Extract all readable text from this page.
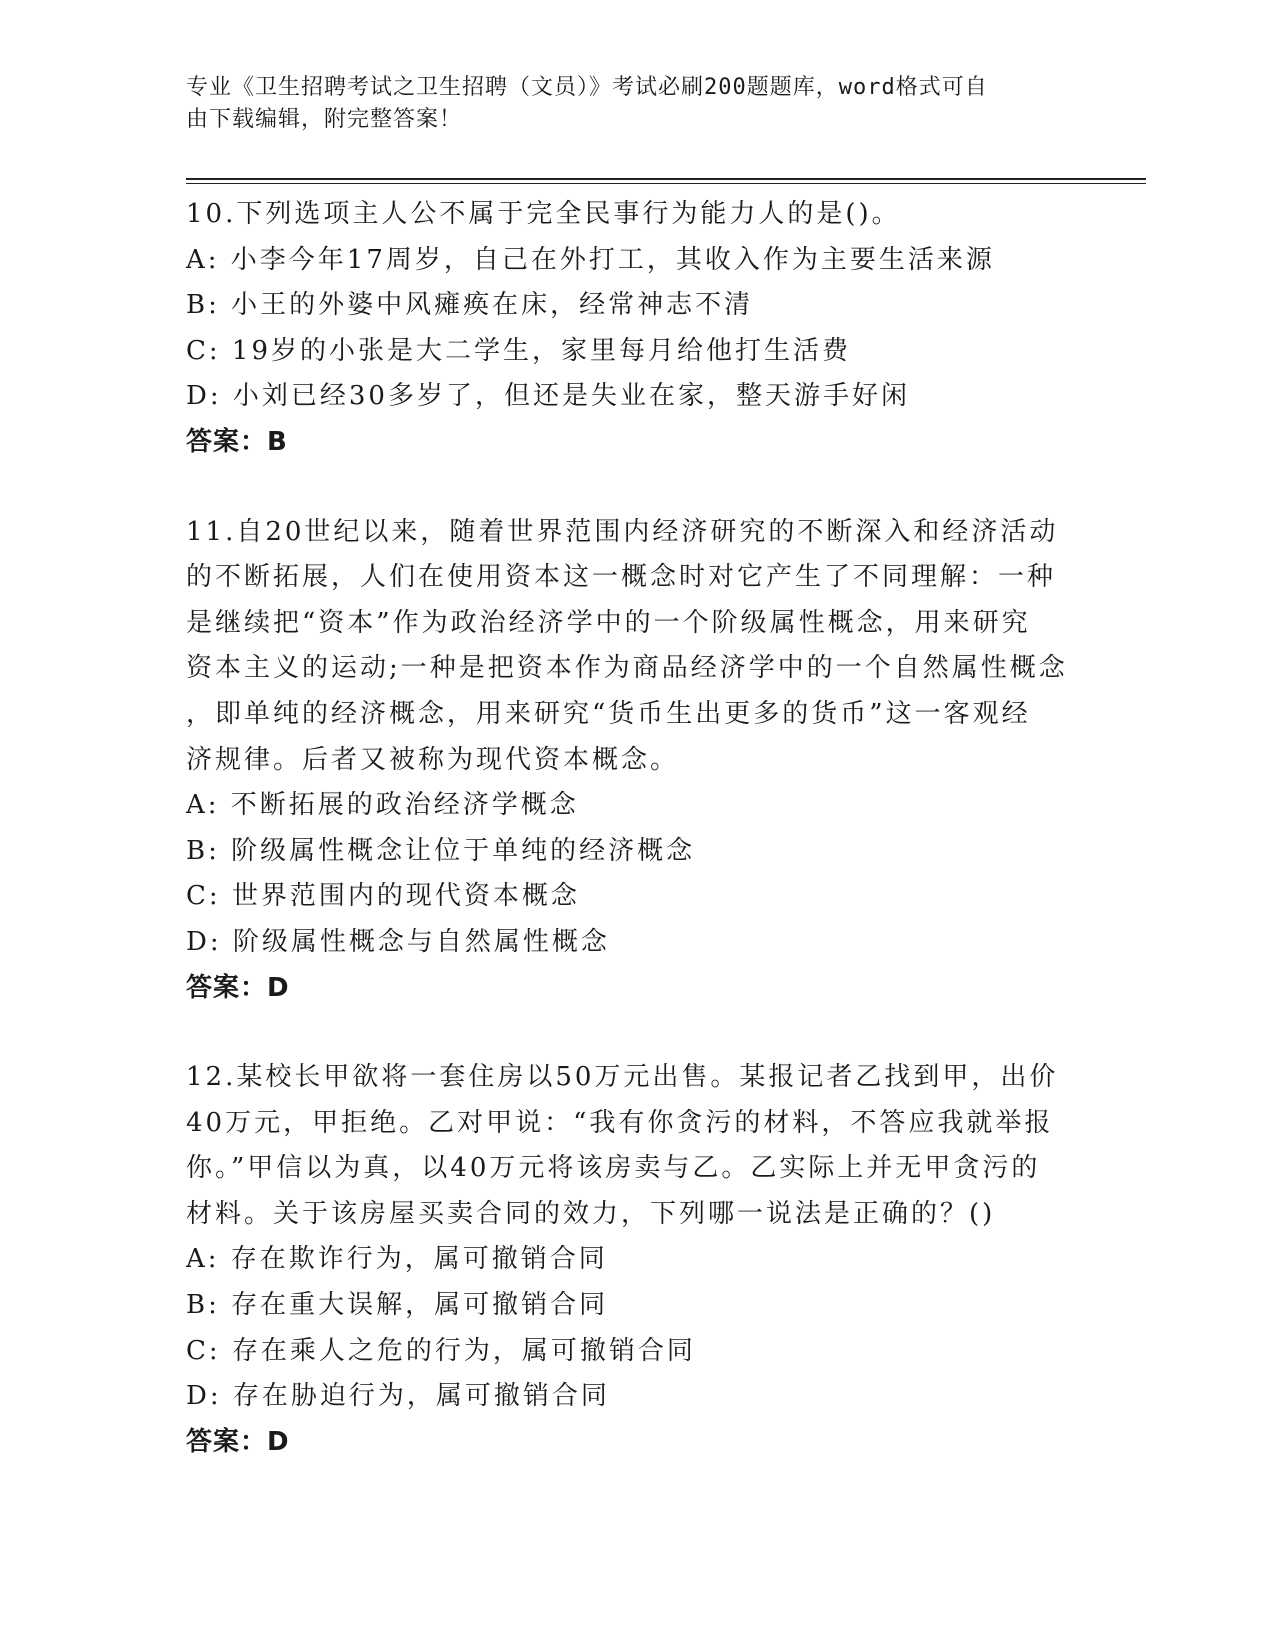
专业《卫生招聘考试之卫生招聘（文员）》考试必刷200题题库，word格式可自
由下载编辑，附完整答案！
10.下列选项主人公不属于完全民事行为能力人的是()。
A: 小李今年17周岁，自己在外打工，其收入作为主要生活来源
B: 小王的外婆中风瘫痪在床，经常神志不清
C: 19岁的小张是大二学生，家里每月给他打生活费
D: 小刘已经30多岁了，但还是失业在家，整天游手好闲
答案：B
11.自20世纪以来，随着世界范围内经济研究的不断深入和经济活动
的不断拓展，人们在使用资本这一概念时对它产生了不同理解：一种
是继续把“资本”作为政治经济学中的一个阶级属性概念，用来研究
资本主义的运动;一种是把资本作为商品经济学中的一个自然属性概念
，即单纯的经济概念，用来研究“货币生出更多的货币”这一客观经
济规律。后者又被称为现代资本概念。
A: 不断拓展的政治经济学概念
B: 阶级属性概念让位于单纯的经济概念
C: 世界范围内的现代资本概念
D: 阶级属性概念与自然属性概念
答案：D
12.某校长甲欲将一套住房以50万元出售。某报记者乙找到甲，出价
40万元，甲拒绝。乙对甲说：“我有你贪污的材料，不答应我就举报
你。”甲信以为真，以40万元将该房卖与乙。乙实际上并无甲贪污的
材料。关于该房屋买卖合同的效力，下列哪一说法是正确的？()
A: 存在欺诈行为，属可撤销合同
B: 存在重大误解，属可撤销合同
C: 存在乘人之危的行为，属可撤销合同
D: 存在胁迫行为，属可撤销合同
答案：D
